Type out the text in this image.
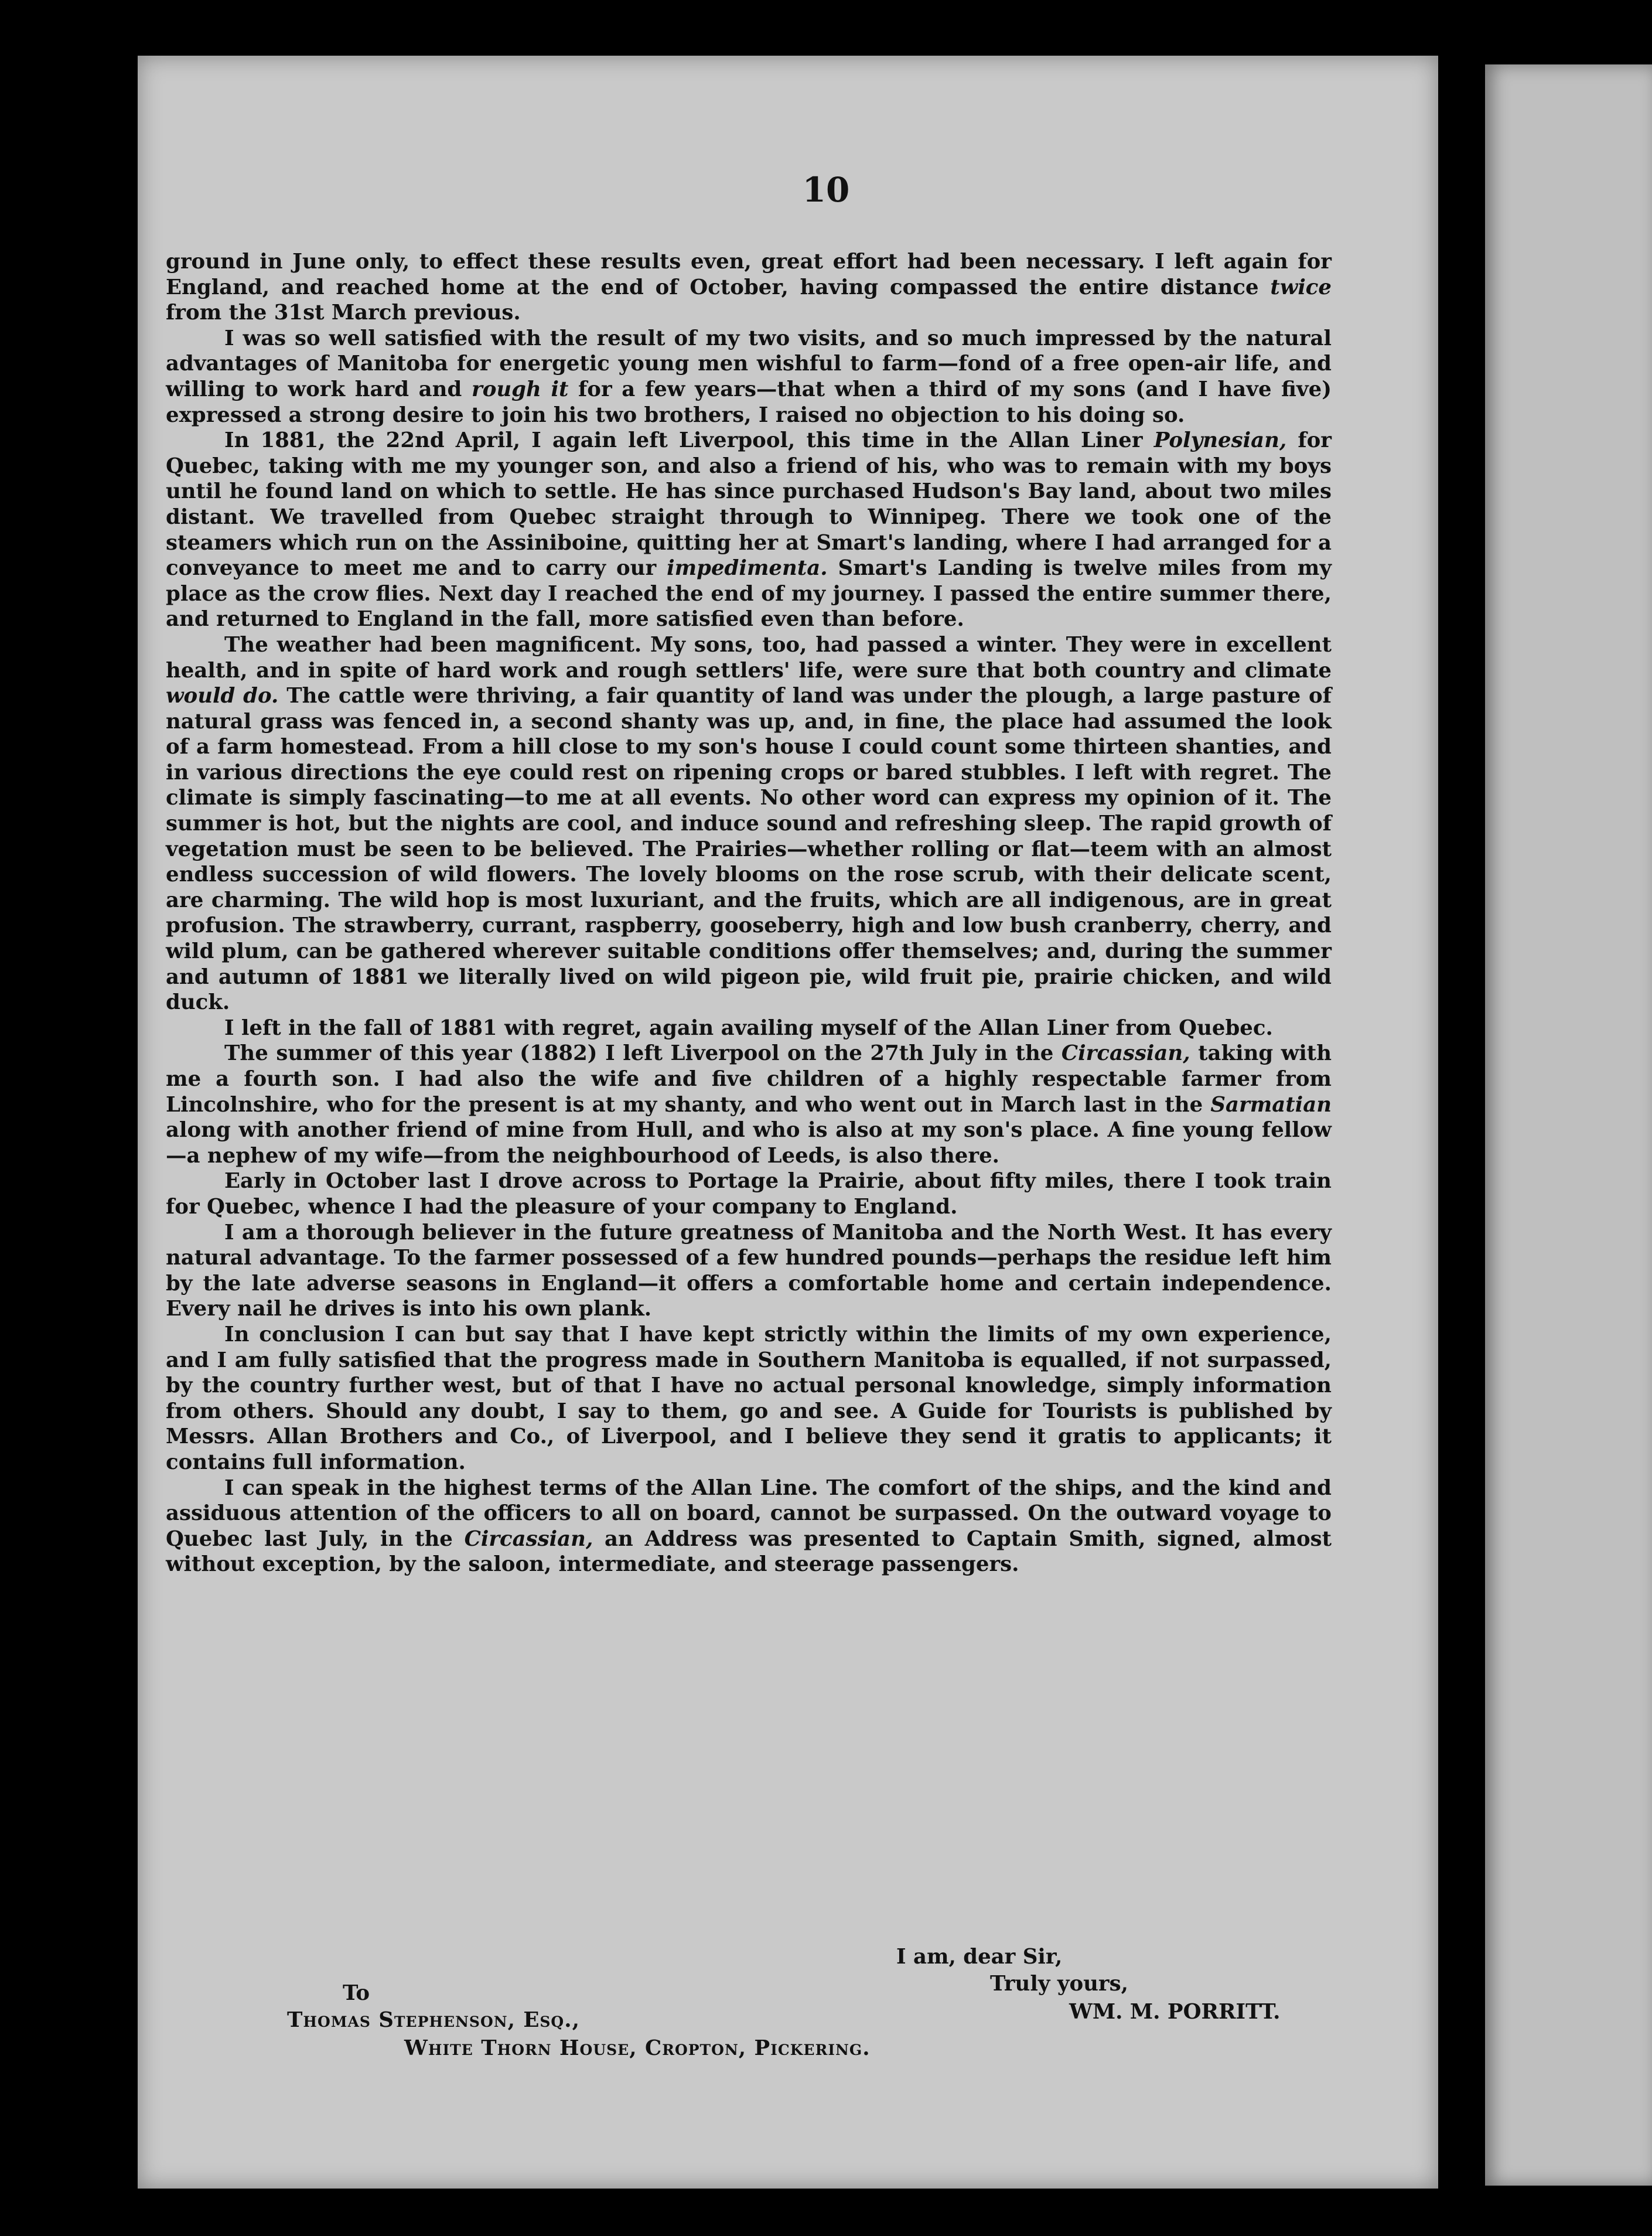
10

ground in June only, to effect these results even, great effort had been necessary. I left again for England, and reached home at the end of October, having compassed the entire distance twice from the 31st March previous.

I was so well satisfied with the result of my two visits, and so much impressed by the natural advantages of Manitoba for energetic young men wishful to farm—fond of a free open-air life, and willing to work hard and rough it for a few years—that when a third of my sons (and I have five) expressed a strong desire to join his two brothers, I raised no objection to his doing so.

In 1881, the 22nd April, I again left Liverpool, this time in the Allan Liner Polynesian, for Quebec, taking with me my younger son, and also a friend of his, who was to remain with my boys until he found land on which to settle. He has since purchased Hudson's Bay land, about two miles distant. We travelled from Quebec straight through to Winnipeg. There we took one of the steamers which run on the Assiniboine, quitting her at Smart's landing, where I had arranged for a conveyance to meet me and to carry our impedimenta. Smart's Landing is twelve miles from my place as the crow flies. Next day I reached the end of my journey. I passed the entire summer there, and returned to England in the fall, more satisfied even than before.

The weather had been magnificent. My sons, too, had passed a winter. They were in excellent health, and in spite of hard work and rough settlers' life, were sure that both country and climate would do. The cattle were thriving, a fair quantity of land was under the plough, a large pasture of natural grass was fenced in, a second shanty was up, and, in fine, the place had assumed the look of a farm homestead. From a hill close to my son's house I could count some thirteen shanties, and in various directions the eye could rest on ripening crops or bared stubbles. I left with regret. The climate is simply fascinating—to me at all events. No other word can express my opinion of it. The summer is hot, but the nights are cool, and induce sound and refreshing sleep. The rapid growth of vegetation must be seen to be believed. The Prairies—whether rolling or flat—teem with an almost endless succession of wild flowers. The lovely blooms on the rose scrub, with their delicate scent, are charming. The wild hop is most luxuriant, and the fruits, which are all indigenous, are in great profusion. The strawberry, currant, raspberry, gooseberry, high and low bush cranberry, cherry, and wild plum, can be gathered wherever suitable conditions offer themselves; and, during the summer and autumn of 1881 we literally lived on wild pigeon pie, wild fruit pie, prairie chicken, and wild duck.

I left in the fall of 1881 with regret, again availing myself of the Allan Liner from Quebec.

The summer of this year (1882) I left Liverpool on the 27th July in the Circassian, taking with me a fourth son. I had also the wife and five children of a highly respectable farmer from Lincolnshire, who for the present is at my shanty, and who went out in March last in the Sarmatian along with another friend of mine from Hull, and who is also at my son's place. A fine young fellow—a nephew of my wife—from the neighbourhood of Leeds, is also there.

Early in October last I drove across to Portage la Prairie, about fifty miles, there I took train for Quebec, whence I had the pleasure of your company to England.

I am a thorough believer in the future greatness of Manitoba and the North West. It has every natural advantage. To the farmer possessed of a few hundred pounds—perhaps the residue left him by the late adverse seasons in England—it offers a comfortable home and certain independence. Every nail he drives is into his own plank.

In conclusion I can but say that I have kept strictly within the limits of my own experience, and I am fully satisfied that the progress made in Southern Manitoba is equalled, if not surpassed, by the country further west, but of that I have no actual personal knowledge, simply information from others. Should any doubt, I say to them, go and see. A Guide for Tourists is published by Messrs. Allan Brothers and Co., of Liverpool, and I believe they send it gratis to applicants; it contains full information.

I can speak in the highest terms of the Allan Line. The comfort of the ships, and the kind and assiduous attention of the officers to all on board, cannot be surpassed. On the outward voyage to Quebec last July, in the Circassian, an Address was presented to Captain Smith, signed, almost without exception, by the saloon, intermediate, and steerage passengers.

I am, dear Sir,
Truly yours,
To
WM. M. PORRITT.
Thomas Stephenson, Esq.,
White Thorn House, Cropton, Pickering.
